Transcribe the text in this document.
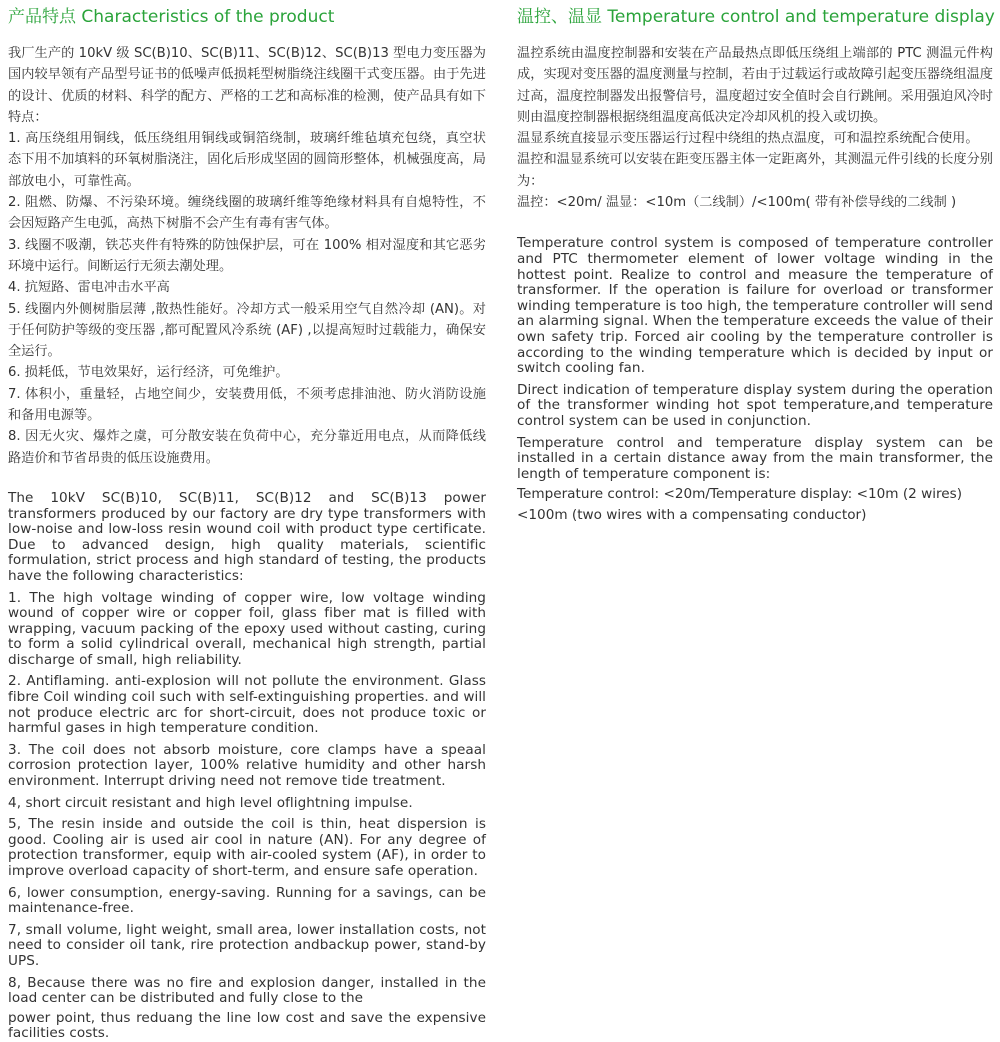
产品特点 Characteristics of the product

我厂生产的 10kV 级 SC(B)10、SC(B)11、SC(B)12、SC(B)13 型电力变压器为国内较早领有产品型号证书的低噪声低损耗型树脂绕注线圈干式变压器。由于先进的设计、优质的材料、科学的配方、严格的工艺和高标准的检测，使产品具有如下特点：

1. 高压绕组用铜线，低压绕组用铜线或铜箔绕制，玻璃纤维毡填充包绕，真空状态下用不加填料的环氧树脂浇注，固化后形成坚固的圆筒形整体，机械强度高，局部放电小，可靠性高。

2. 阻燃、防爆、不污染环境。缠绕线圈的玻璃纤维等绝缘材料具有自熄特性，不会因短路产生电弧，高热下树脂不会产生有毒有害气体。

3. 线圈不吸潮，铁芯夹件有特殊的防蚀保护层，可在 100% 相对湿度和其它恶劣环境中运行。间断运行无须去潮处理。

4. 抗短路、雷电冲击水平高

5. 线圈内外侧树脂层薄 ,散热性能好。冷却方式一般采用空气自然冷却 (AN)。对于任何防护等级的变压器 ,都可配置风冷系统 (AF) ,以提高短时过载能力，确保安全运行。

6. 损耗低，节电效果好，运行经济，可免维护。

7. 体积小，重量轻，占地空间少，安装费用低，不须考虑排油池、防火消防设施和备用电源等。

8. 因无火灾、爆炸之虞，可分散安装在负荷中心，充分靠近用电点，从而降低线路造价和节省昂贵的低压设施费用。

The 10kV SC(B)10, SC(B)11, SC(B)12 and SC(B)13 power transformers produced by our factory are dry type transformers with low-noise and low-loss resin wound coil with product type certificate. Due to advanced design, high quality materials, scientific formulation, strict process and high standard of testing, the products have the following characteristics:

1. The high voltage winding of copper wire, low voltage winding wound of copper wire or copper foil, glass fiber mat is filled with wrapping, vacuum packing of the epoxy used without casting, curing to form a solid cylindrical overall, mechanical high strength, partial discharge of small, high reliability.

2. Antiflaming. anti-explosion will not pollute the environment. Glass fibre Coil winding coil such with self-extinguishing properties. and will not produce electric arc for short-circuit, does not produce toxic or harmful gases in high temperature condition.

3. The coil does not absorb moisture, core clamps have a speaal corrosion protection layer, 100% relative humidity and other harsh environment. Interrupt driving need not remove tide treatment.

4, short circuit resistant and high level oflightning impulse.

5, The resin inside and outside the coil is thin, heat dispersion is good. Cooling air is used air cool in nature (AN). For any degree of protection transformer, equip with air-cooled system (AF), in order to improve overload capacity of short-term, and ensure safe operation.

6, lower consumption, energy-saving. Running for a savings, can be maintenance-free.

7, small volume, light weight, small area, lower installation costs, not need to consider oil tank, rire protection andbackup power, stand-by UPS.

8, Because there was no fire and explosion danger, installed in the load center can be distributed and fully close to the

power point, thus reduang the line low cost and save the expensive facilities costs.

温控、温显 Temperature control and temperature display

温控系统由温度控制器和安装在产品最热点即低压绕组上端部的 PTC 测温元件构成，实现对变压器的温度测量与控制，若由于过载运行或故障引起变压器绕组温度过高，温度控制器发出报警信号，温度超过安全值时会自行跳闸。采用强迫风冷时则由温度控制器根据绕组温度高低决定冷却风机的投入或切换。

温显系统直接显示变压器运行过程中绕组的热点温度，可和温控系统配合使用。

温控和温显系统可以安装在距变压器主体一定距离外，其测温元件引线的长度分别为：

温控：<20m/ 温显：<10m（二线制）/<100m( 带有补偿导线的二线制 )

Temperature control system is composed of temperature controller and PTC thermometer element of lower voltage winding in the hottest point. Realize to control and measure the temperature of transformer. If the operation is failure for overload or transformer winding temperature is too high, the temperature controller will send an alarming signal. When the temperature exceeds the value of their own safety trip. Forced air cooling by the temperature controller is according to the winding temperature which is decided by input or switch cooling fan.

Direct indication of temperature display system during the operation of the transformer winding hot spot temperature,and temperature control system can be used in conjunction.

Temperature control and temperature display system can be installed in a certain distance away from the main transformer, the length of temperature component is:

Temperature control: <20m/Temperature display: <10m (2 wires)

<100m (two wires with a compensating conductor)
